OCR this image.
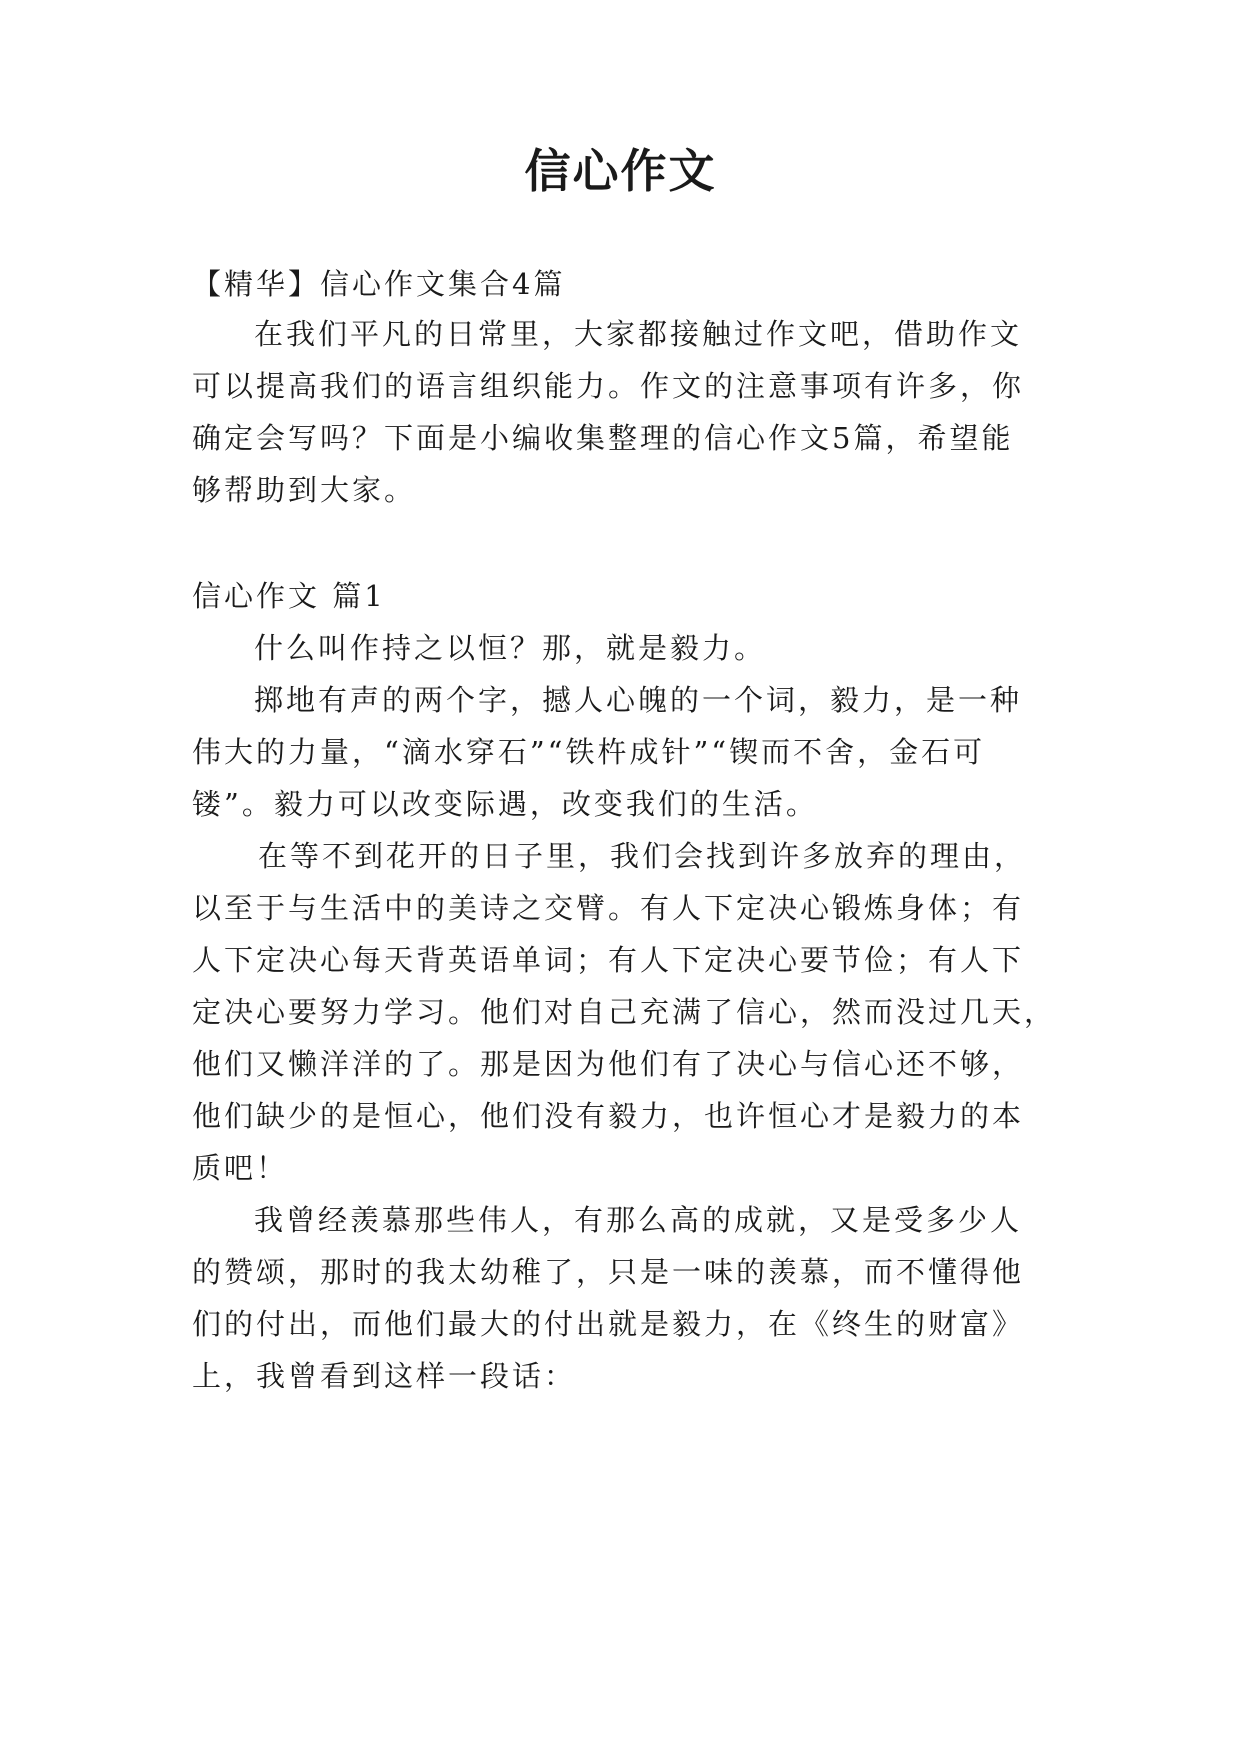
信心作文
【精华】信心作文集合4篇
在我们平凡的日常里，大家都接触过作文吧，借助作文
可以提高我们的语言组织能力。作文的注意事项有许多，你
确定会写吗？下面是小编收集整理的信心作文5篇，希望能
够帮助到大家。
信心作文 篇1
什么叫作持之以恒？那，就是毅力。
掷地有声的两个字，撼人心魄的一个词，毅力，是一种
伟大的力量，“滴水穿石”“铁杵成针”“锲而不舍，金石可
镂”。毅力可以改变际遇，改变我们的生活。
在等不到花开的日子里，我们会找到许多放弃的理由，
以至于与生活中的美诗之交臂。有人下定决心锻炼身体；有
人下定决心每天背英语单词；有人下定决心要节俭；有人下
定决心要努力学习。他们对自己充满了信心，然而没过几天，
他们又懒洋洋的了。那是因为他们有了决心与信心还不够，
他们缺少的是恒心，他们没有毅力，也许恒心才是毅力的本
质吧！
我曾经羡慕那些伟人，有那么高的成就，又是受多少人
的赞颂，那时的我太幼稚了，只是一味的羡慕，而不懂得他
们的付出，而他们最大的付出就是毅力，在《终生的财富》
上，我曾看到这样一段话：
